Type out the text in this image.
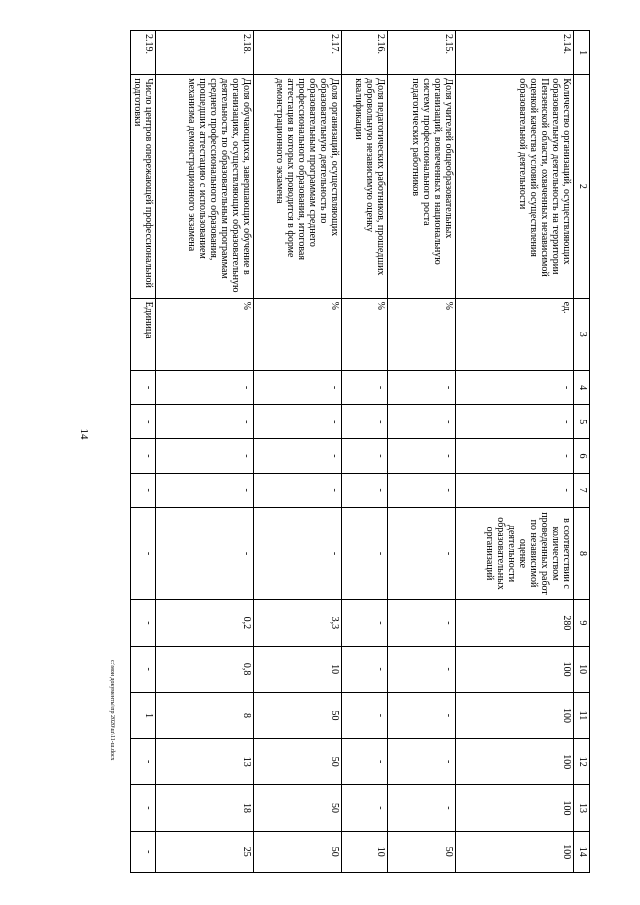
14
1	2	3	4	5	6	7	8	9	10	11	12	13	14
2.14.	Количество организаций, осуществляющих образовательную деятельность на территории Пензенской области, охваченных независимой оценкой качества условий осуществления образовательной деятельности	ед.	-	-	-	-	в соответствии с количеством проведенных работ по независимой оценке деятельности образовательных организаций	280	100	100	100	100	100
2.15.	Доля учителей общеобразовательных организаций, вовлеченных в национальную систему профессионального роста педагогических работников	%	-	-	-	-	-	-	-	-	-	-	50
2.16.	Доля педагогических работников, прошедших добровольную независимую оценку квалификации	%	-	-	-	-	-	-	-	-	-	-	10
2.17.	Доля организаций, осуществляющих образовательную деятельность по образовательным программам среднего профессионального образования, итоговая аттестация в которых проводится в форме демонстрационного экзамена	%	-	-	-	-	-	3,3	10	50	50	50	50
2.18.	Доля обучающихся, завершающих обучение в организациях, осуществляющих образовательную деятельность по образовательным программам среднего профессионального образования, прошедших аттестацию с использованием механизма демонстрационного экзамена	%	-	-	-	-	-	0,2	0,8	8	13	18	25
2.19.	Число центров опережающей профессиональной подготовки	Единица	-	-	-	-	-	-	-	1	-	-	-
c:\мои документы\пр 2020\ш\11-ш.docx
